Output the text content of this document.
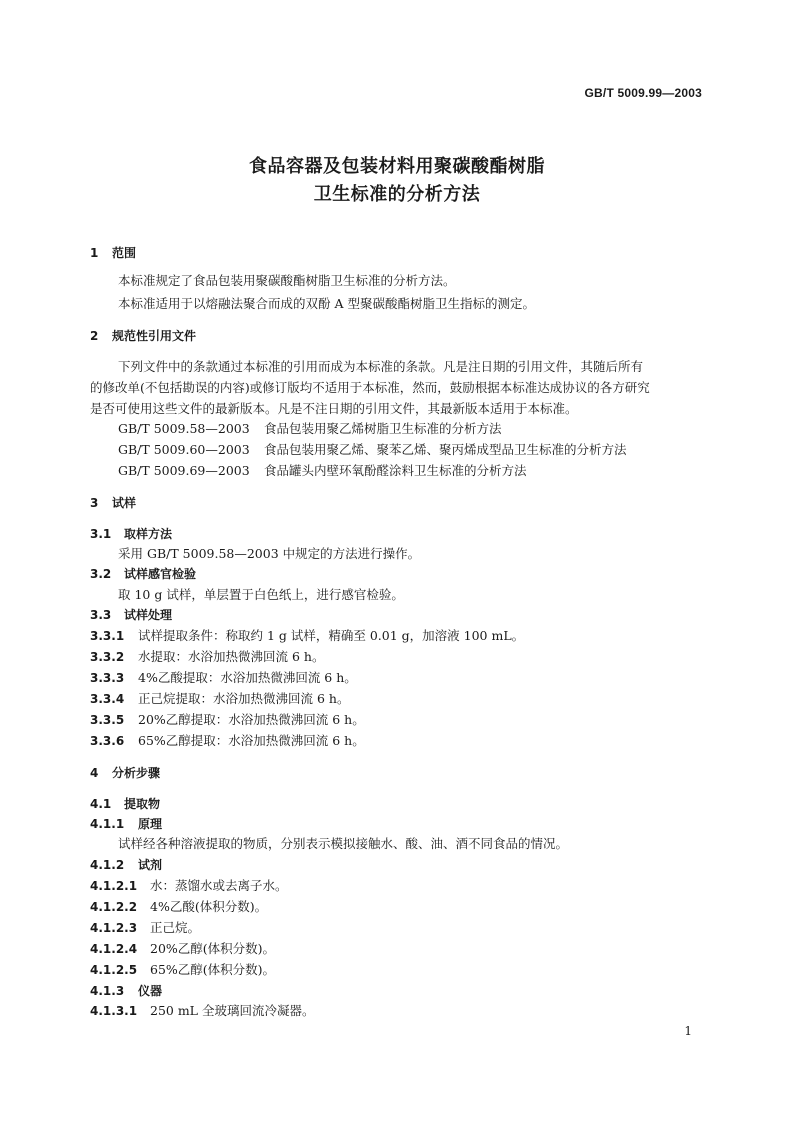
GB/T 5009.99—2003
食品容器及包装材料用聚碳酸酯树脂
卫生标准的分析方法
1 范围
本标准规定了食品包装用聚碳酸酯树脂卫生标准的分析方法。
本标准适用于以熔融法聚合而成的双酚 A 型聚碳酸酯树脂卫生指标的测定。
2 规范性引用文件
下列文件中的条款通过本标准的引用而成为本标准的条款。凡是注日期的引用文件，其随后所有
的修改单(不包括勘误的内容)或修订版均不适用于本标准，然而，鼓励根据本标准达成协议的各方研究
是否可使用这些文件的最新版本。凡是不注日期的引用文件，其最新版本适用于本标准。
GB/T 5009.58—2003 食品包装用聚乙烯树脂卫生标准的分析方法
GB/T 5009.60—2003 食品包装用聚乙烯、聚苯乙烯、聚丙烯成型品卫生标准的分析方法
GB/T 5009.69—2003 食品罐头内壁环氧酚醛涂料卫生标准的分析方法
3 试样
3.1 取样方法
采用 GB/T 5009.58—2003 中规定的方法进行操作。
3.2 试样感官检验
取 10 g 试样，单层置于白色纸上，进行感官检验。
3.3 试样处理
3.3.1 试样提取条件：称取约 1 g 试样，精确至 0.01 g，加溶液 100 mL。
3.3.2 水提取：水浴加热微沸回流 6 h。
3.3.3 4%乙酸提取：水浴加热微沸回流 6 h。
3.3.4 正己烷提取：水浴加热微沸回流 6 h。
3.3.5 20%乙醇提取：水浴加热微沸回流 6 h。
3.3.6 65%乙醇提取：水浴加热微沸回流 6 h。
4 分析步骤
4.1 提取物
4.1.1 原理
试样经各种溶液提取的物质，分别表示模拟接触水、酸、油、酒不同食品的情况。
4.1.2 试剂
4.1.2.1 水：蒸馏水或去离子水。
4.1.2.2 4%乙酸(体积分数)。
4.1.2.3 正己烷。
4.1.2.4 20%乙醇(体积分数)。
4.1.2.5 65%乙醇(体积分数)。
4.1.3 仪器
4.1.3.1 250 mL 全玻璃回流冷凝器。
1
